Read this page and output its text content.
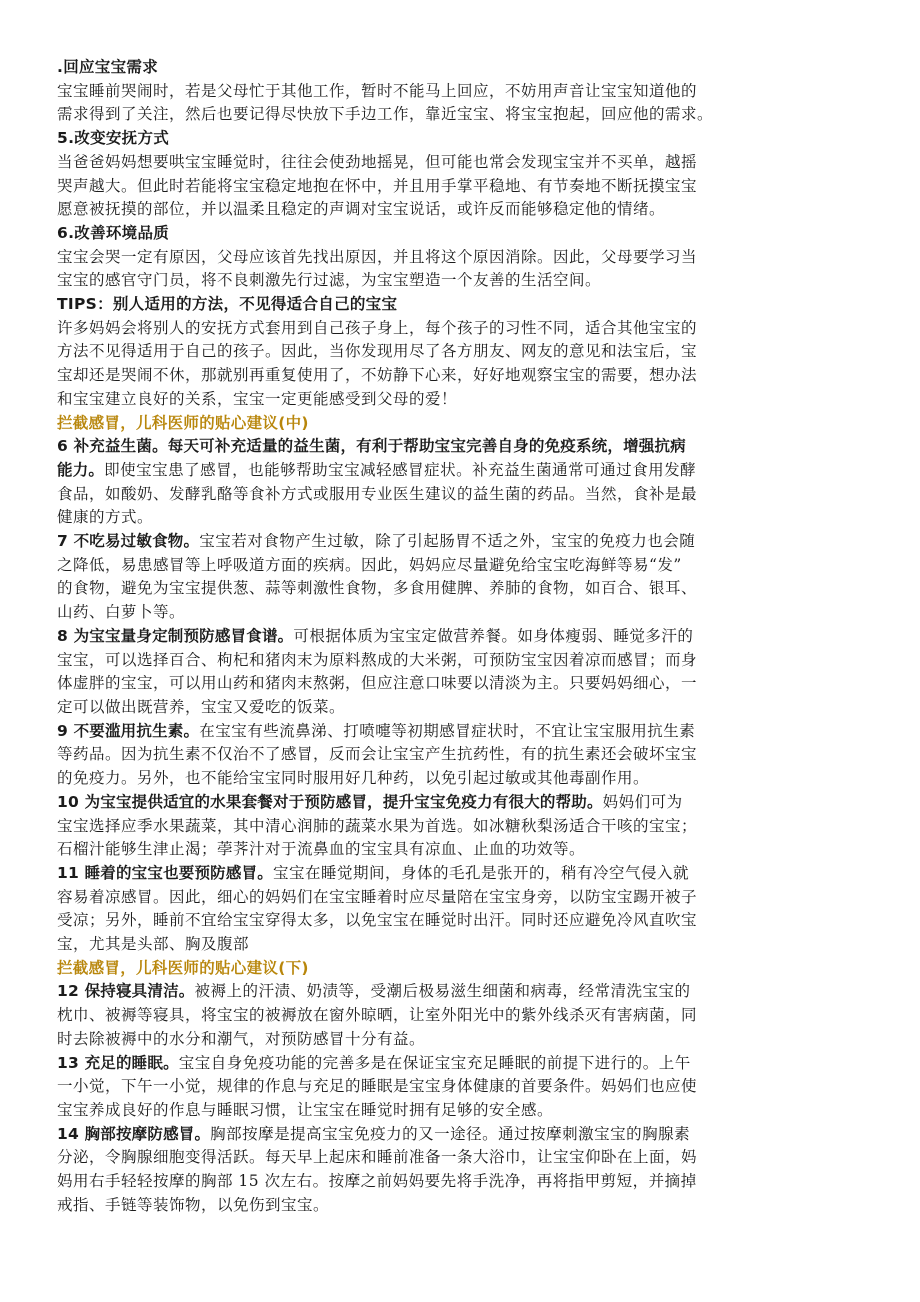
.回应宝宝需求

宝宝睡前哭闹时，若是父母忙于其他工作，暂时不能马上回应，不妨用声音让宝宝知道他的

需求得到了关注，然后也要记得尽快放下手边工作，靠近宝宝、将宝宝抱起，回应他的需求。

5.改变安抚方式

当爸爸妈妈想要哄宝宝睡觉时，往往会使劲地摇晃，但可能也常会发现宝宝并不买单，越摇

哭声越大。但此时若能将宝宝稳定地抱在怀中，并且用手掌平稳地、有节奏地不断抚摸宝宝

愿意被抚摸的部位，并以温柔且稳定的声调对宝宝说话，或许反而能够稳定他的情绪。

6.改善环境品质

宝宝会哭一定有原因，父母应该首先找出原因，并且将这个原因消除。因此，父母要学习当

宝宝的感官守门员，将不良刺激先行过滤，为宝宝塑造一个友善的生活空间。

TIPS：别人适用的方法，不见得适合自己的宝宝

许多妈妈会将别人的安抚方式套用到自己孩子身上，每个孩子的习性不同，适合其他宝宝的

方法不见得适用于自己的孩子。因此，当你发现用尽了各方朋友、网友的意见和法宝后，宝

宝却还是哭闹不休，那就别再重复使用了，不妨静下心来，好好地观察宝宝的需要，想办法

和宝宝建立良好的关系，宝宝一定更能感受到父母的爱！

拦截感冒，儿科医师的贴心建议(中)

6 补充益生菌。每天可补充适量的益生菌，有利于帮助宝宝完善自身的免疫系统，增强抗病

能力。即使宝宝患了感冒，也能够帮助宝宝减轻感冒症状。补充益生菌通常可通过食用发酵

食品，如酸奶、发酵乳酪等食补方式或服用专业医生建议的益生菌的药品。当然，食补是最

健康的方式。

7 不吃易过敏食物。宝宝若对食物产生过敏，除了引起肠胃不适之外，宝宝的免疫力也会随

之降低，易患感冒等上呼吸道方面的疾病。因此，妈妈应尽量避免给宝宝吃海鲜等易“发”

的食物，避免为宝宝提供葱、蒜等刺激性食物，多食用健脾、养肺的食物，如百合、银耳、

山药、白萝卜等。

8 为宝宝量身定制预防感冒食谱。可根据体质为宝宝定做营养餐。如身体瘦弱、睡觉多汗的

宝宝，可以选择百合、枸杞和猪肉末为原料熬成的大米粥，可预防宝宝因着凉而感冒；而身

体虚胖的宝宝，可以用山药和猪肉末熬粥，但应注意口味要以清淡为主。只要妈妈细心，一

定可以做出既营养，宝宝又爱吃的饭菜。

9 不要滥用抗生素。在宝宝有些流鼻涕、打喷嚏等初期感冒症状时，不宜让宝宝服用抗生素

等药品。因为抗生素不仅治不了感冒，反而会让宝宝产生抗药性，有的抗生素还会破坏宝宝

的免疫力。另外，也不能给宝宝同时服用好几种药，以免引起过敏或其他毒副作用。

10 为宝宝提供适宜的水果套餐对于预防感冒，提升宝宝免疫力有很大的帮助。妈妈们可为

宝宝选择应季水果蔬菜，其中清心润肺的蔬菜水果为首选。如冰糖秋梨汤适合干咳的宝宝；

石榴汁能够生津止渴；荸荠汁对于流鼻血的宝宝具有凉血、止血的功效等。

11 睡着的宝宝也要预防感冒。宝宝在睡觉期间，身体的毛孔是张开的，稍有冷空气侵入就

容易着凉感冒。因此，细心的妈妈们在宝宝睡着时应尽量陪在宝宝身旁，以防宝宝踢开被子

受凉；另外，睡前不宜给宝宝穿得太多，以免宝宝在睡觉时出汗。同时还应避免冷风直吹宝

宝，尤其是头部、胸及腹部

拦截感冒，儿科医师的贴心建议(下)

12 保持寝具清洁。被褥上的汗渍、奶渍等，受潮后极易滋生细菌和病毒，经常清洗宝宝的

枕巾、被褥等寝具，将宝宝的被褥放在窗外晾晒，让室外阳光中的紫外线杀灭有害病菌，同

时去除被褥中的水分和潮气，对预防感冒十分有益。

13 充足的睡眠。宝宝自身免疫功能的完善多是在保证宝宝充足睡眠的前提下进行的。上午

一小觉，下午一小觉，规律的作息与充足的睡眠是宝宝身体健康的首要条件。妈妈们也应使

宝宝养成良好的作息与睡眠习惯，让宝宝在睡觉时拥有足够的安全感。

14 胸部按摩防感冒。胸部按摩是提高宝宝免疫力的又一途径。通过按摩刺激宝宝的胸腺素

分泌，令胸腺细胞变得活跃。每天早上起床和睡前准备一条大浴巾，让宝宝仰卧在上面，妈

妈用右手轻轻按摩的胸部 15 次左右。按摩之前妈妈要先将手洗净，再将指甲剪短，并摘掉

戒指、手链等装饰物，以免伤到宝宝。
